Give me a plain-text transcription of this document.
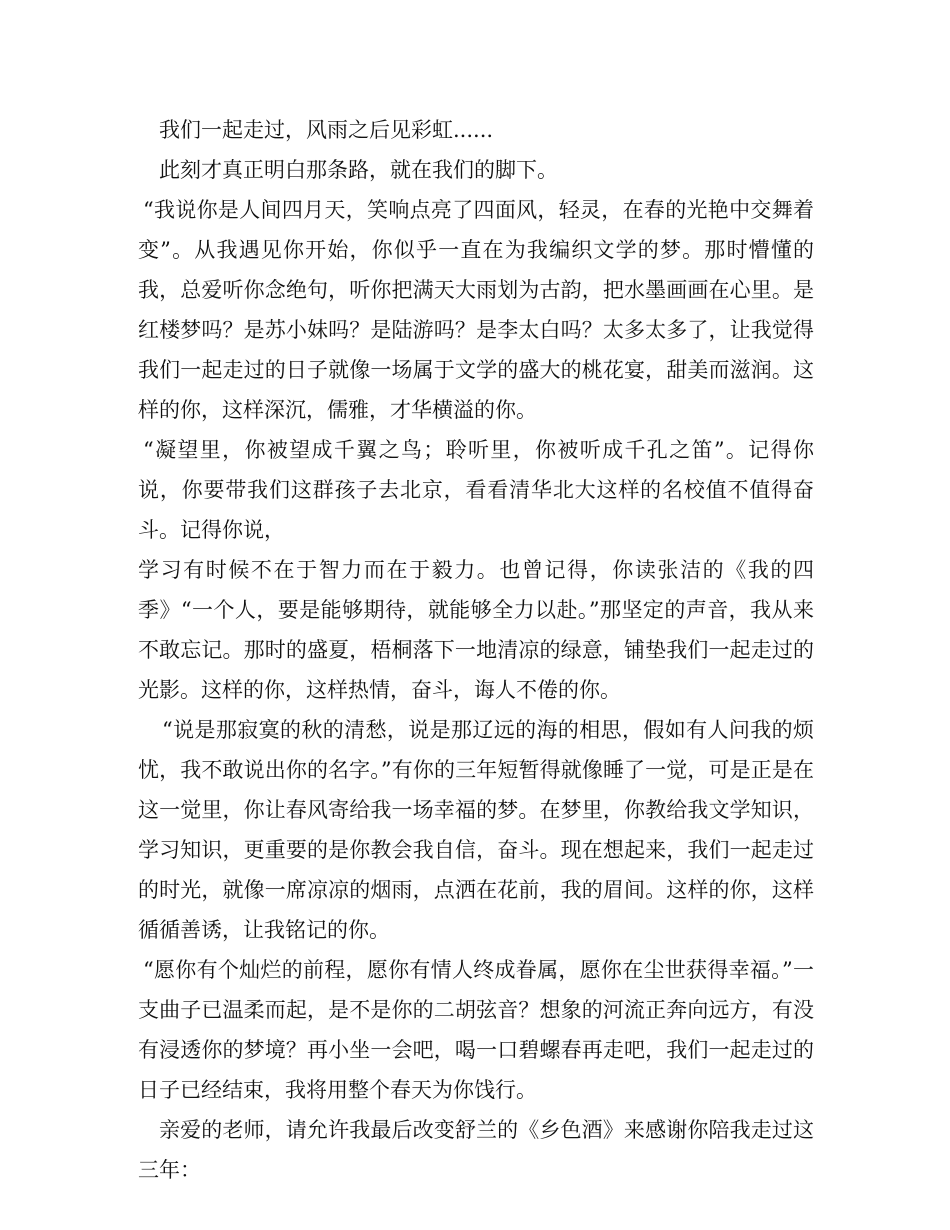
我们一起走过，风雨之后见彩虹......

此刻才真正明白那条路，就在我们的脚下。

“我说你是人间四月天，笑响点亮了四面风，轻灵，在春的光艳中交舞着变”。从我遇见你开始，你似乎一直在为我编织文学的梦。那时懵懂的我，总爱听你念绝句，听你把满天大雨划为古韵，把水墨画画在心里。是红楼梦吗？是苏小妹吗？是陆游吗？是李太白吗？太多太多了，让我觉得我们一起走过的日子就像一场属于文学的盛大的桃花宴，甜美而滋润。这样的你，这样深沉，儒雅，才华横溢的你。

“凝望里，你被望成千翼之鸟；聆听里，你被听成千孔之笛”。记得你说，你要带我们这群孩子去北京，看看清华北大这样的名校值不值得奋斗。记得你说，

学习有时候不在于智力而在于毅力。也曾记得，你读张洁的《我的四季》“一个人，要是能够期待，就能够全力以赴。”那坚定的声音，我从来不敢忘记。那时的盛夏，梧桐落下一地清凉的绿意，铺垫我们一起走过的光影。这样的你，这样热情，奋斗，诲人不倦的你。

“说是那寂寞的秋的清愁，说是那辽远的海的相思，假如有人问我的烦忧，我不敢说出你的名字。”有你的三年短暂得就像睡了一觉，可是正是在这一觉里，你让春风寄给我一场幸福的梦。在梦里，你教给我文学知识，学习知识，更重要的是你教会我自信，奋斗。现在想起来，我们一起走过的时光，就像一席凉凉的烟雨，点洒在花前，我的眉间。这样的你，这样循循善诱，让我铭记的你。

“愿你有个灿烂的前程，愿你有情人终成眷属，愿你在尘世获得幸福。”一支曲子已温柔而起，是不是你的二胡弦音？想象的河流正奔向远方，有没有浸透你的梦境？再小坐一会吧，喝一口碧螺春再走吧，我们一起走过的日子已经结束，我将用整个春天为你饯行。

亲爱的老师，请允许我最后改变舒兰的《乡色酒》来感谢你陪我走过这三年：
